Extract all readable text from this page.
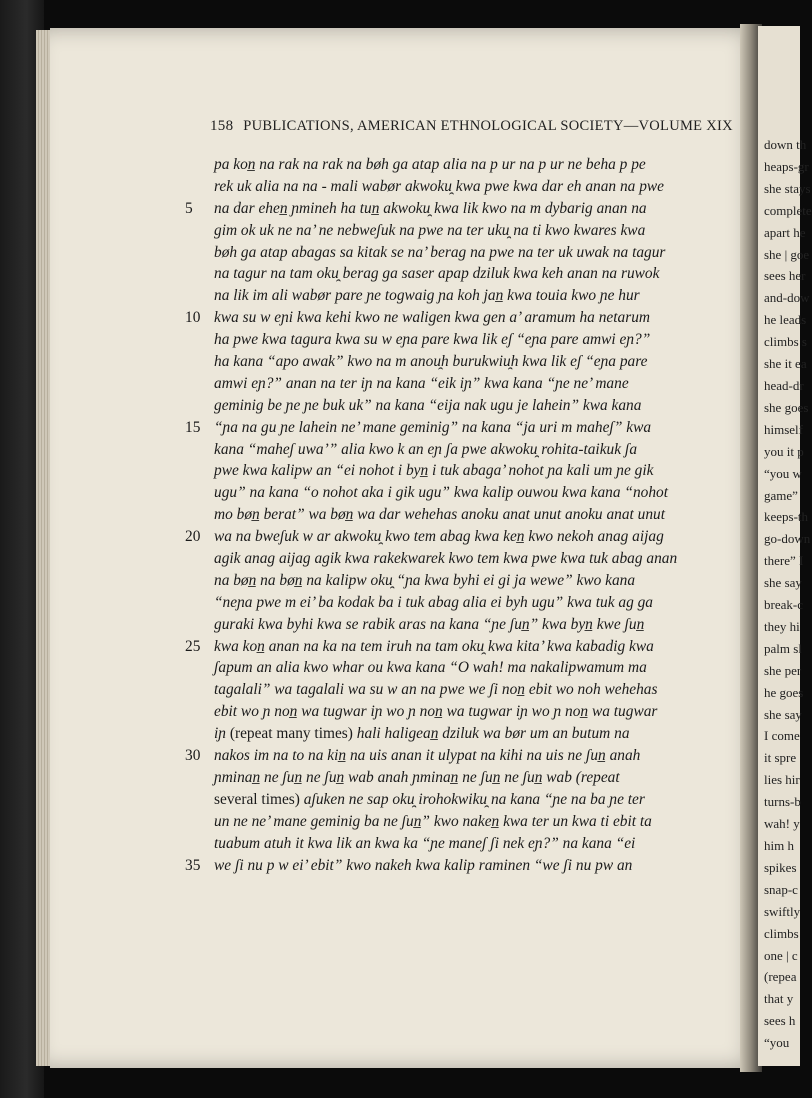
down th
heaps-gr
she stays
complete
apart he
she | goe
sees her
and-dow
he leads
climbs s
she it ea
head-dr
she goes
himself
you it p
“you w
game”
keeps-th
go-down
there” I
she say
break-c
they hi
palm sl
she per
he goes
she say
I come
it spre
lies hir
turns-b
wah! y
him h
spikes
snap-c
swiftly
climbs
one | c
(repea
that y
sees h
“you
158 PUBLICATIONS, AMERICAN ETHNOLOGICAL SOCIETY—VOLUME XIX
pa kon̲ na rak na rak na bøh ga atap alia na p ur na p ur ne beha p pe
rek uk alia na na - mali wabør akwoku̯ kwa pwe kwa dar eh anan na pwe
5 na dar ehen̲ ɲmineh ha tun̲ akwoku̯ kwa lik kwo na m dybarig anan na
gim ok uk ne na’ ne nebweʃuk na pwe na ter uku̯ na ti kwo kwares kwa
bøh ga atap abagas sa kitak se na’ berag na pwe na ter uk uwak na tagur
na tagur na tam oku̯ berag ga saser apap dziluk kwa keh anan na ruwok
na lik im ali wabør pare ɲe togwaig ɲa koh jan̲ kwa touia kwo ɲe hur
10 kwa su w eɲi kwa kehi kwo ne waligen kwa gen a’ aramum ha netarum
ha pwe kwa tagura kwa su w eɲa pare kwa lik eʃ “eɲa pare amwi eɲ?”
ha kana “apo awak” kwo na m anou̯h burukwiu̯h kwa lik eʃ “eɲa pare
amwi eɲ?” anan na ter iɲ na kana “eik iɲ” kwa kana “ɲe ne’ mane
geminig be ɲe ɲe buk uk” na kana “eija nak ugu je lahein” kwa kana
15 “ɲa na gu ɲe lahein ne’ mane geminig” na kana “ja uri m maheʃ” kwa
kana “maheʃ uwa’” alia kwo k an eɲ ʃa pwe akwoku̯ rohita-taikuk ʃa
pwe kwa kalipw an “ei nohot i byn̲ i tuk abaga’ nohot ɲa kali um ɲe gik
ugu” na kana “o nohot aka i gik ugu” kwa kalip ouwou kwa kana “nohot
mo bøn̲ berat” wa bøn̲ wa dar wehehas anoku anat unut anoku anat unut
20 wa na bweʃuk w ar akwoku̯ kwo tem abag kwa ken̲ kwo nekoh anag aijag
agik anag aijag agik kwa rakekwarek kwo tem kwa pwe kwa tuk abag anan
na bøn̲ na bøn̲ na kalipw oku̯ “ɲa kwa byhi ei gi ja wewe” kwo kana
“neɲa pwe m ei’ ba kodak ba i tuk abag alia ei byh ugu” kwa tuk ag ga
guraki kwa byhi kwa se rabik aras na kana “ɲe ʃun̲” kwa byn̲ kwe ʃun̲
25 kwa kon̲ anan na ka na tem iruh na tam oku̯ kwa kita’ kwa kabadig kwa
ʃapum an alia kwo whar ou kwa kana “O wah! ma nakalipwamum ma
tagalali” wa tagalali wa su w an na pwe we ʃi non̲ ebit wo noh wehehas
ebit wo ɲ non̲ wa tugwar iɲ wo ɲ non̲ wa tugwar iɲ wo ɲ non̲ wa tugwar
iɲ (repeat many times) hali haligean̲ dziluk wa bør um an butum na
30 nakos im na to na kin̲ na uis anan it ulypat na kihi na uis ne ʃun̲ anah
ɲminan̲ ne ʃun̲ ne ʃun̲ wab anah ɲminan̲ ne ʃun̲ ne ʃun̲ wab (repeat
several times) aʃuken ne sap oku̯ irohokwiku̯ na kana “ɲe na ba ɲe ter
un ne ne’ mane geminig ba ne ʃun̲” kwo naken̲ kwa ter un kwa ti ebit ta
tuabum atuh it kwa lik an kwa ka “ɲe maneʃ ʃi nek eɲ?” na kana “ei
35 we ʃi nu p w ei’ ebit” kwo nakeh kwa kalip raminen “we ʃi nu pw an
